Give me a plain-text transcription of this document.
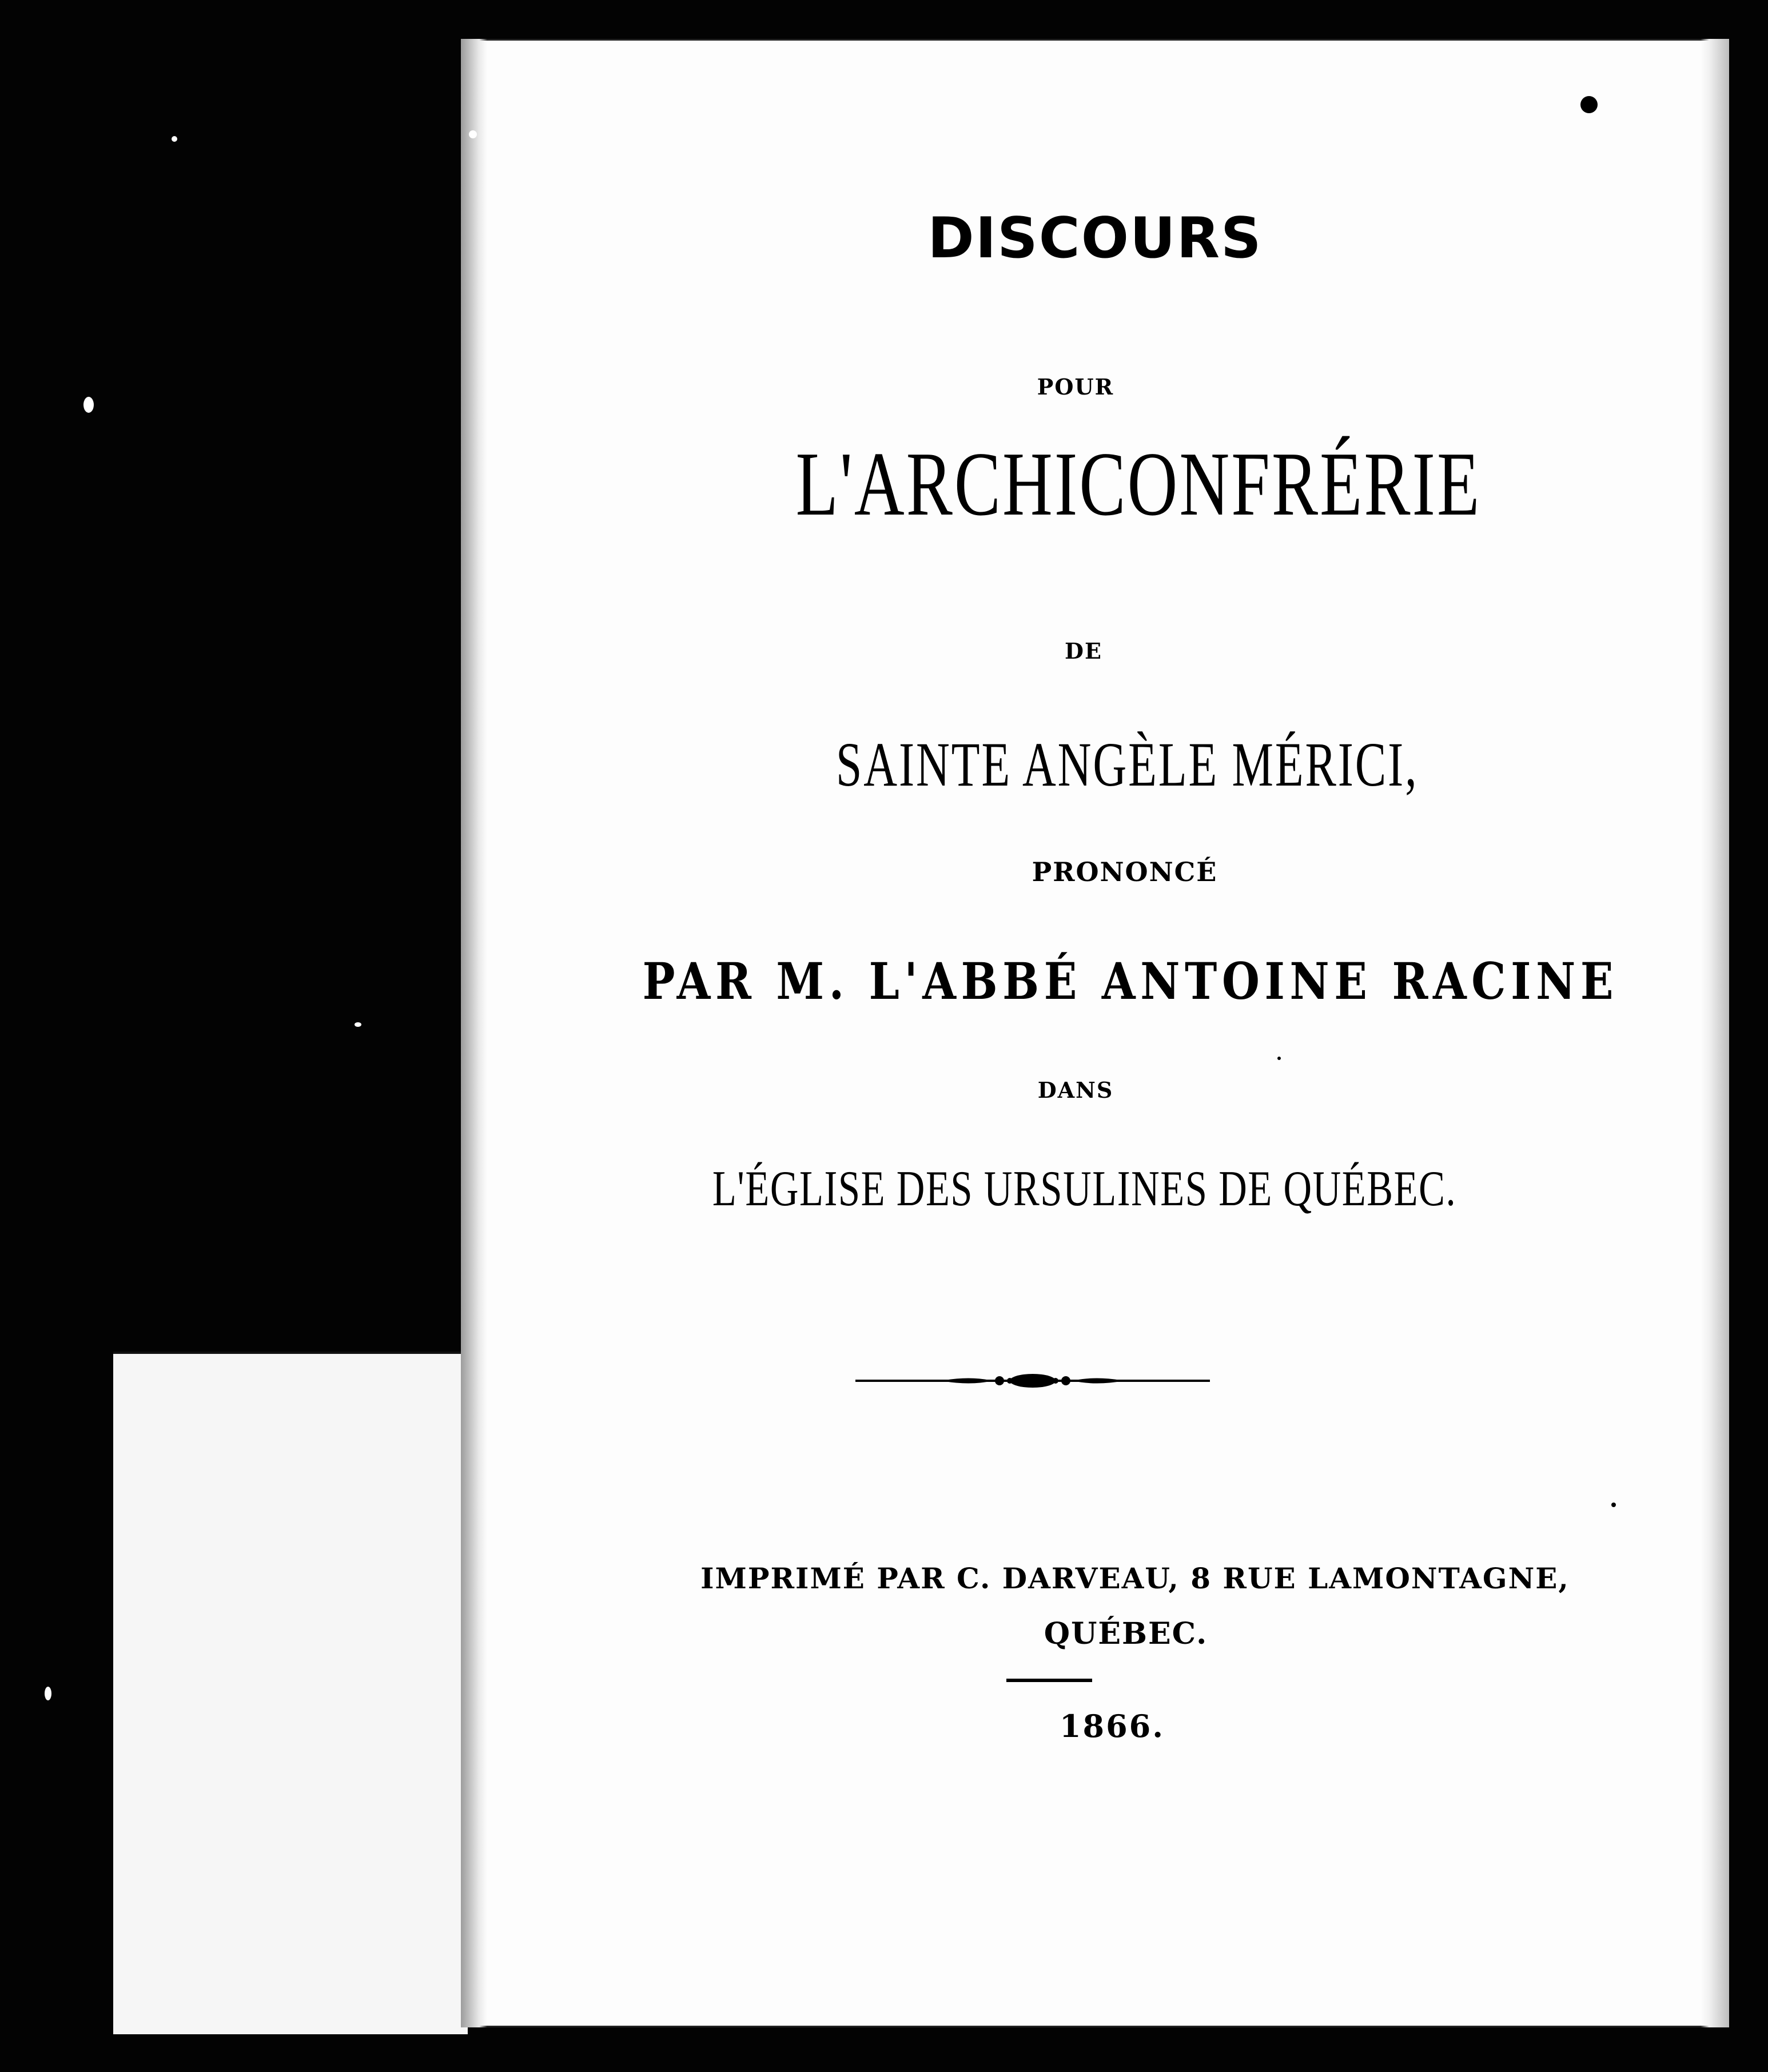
DISCOURS
POUR
L'ARCHICONFRÉRIE
DE
SAINTE ANGÈLE MÉRICI,
PRONONCÉ
PAR M. L'ABBÉ ANTOINE RACINE
DANS
L'ÉGLISE DES URSULINES DE QUÉBEC.
IMPRIMÉ PAR C. DARVEAU, 8 RUE LAMONTAGNE,
QUÉBEC.
1866.
